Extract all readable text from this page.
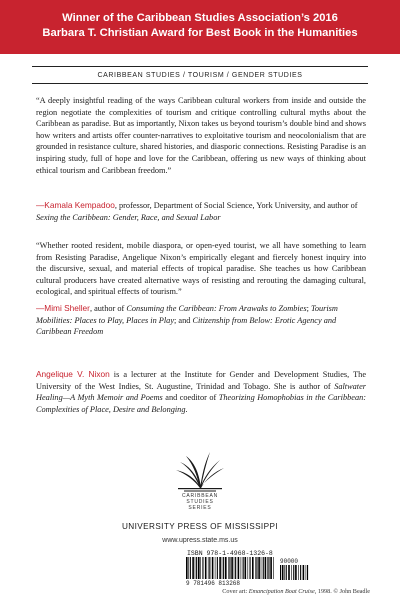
Winner of the Caribbean Studies Association’s 2016
Barbara T. Christian Award for Best Book in the Humanities
CARIBBEAN STUDIES / TOURISM / GENDER STUDIES

“A deeply insightful reading of the ways Caribbean cultural workers from inside and outside the region negotiate the complexities of tourism and critique controlling cultural myths about the Caribbean as paradise. But as importantly, Nixon takes us beyond tourism’s double bind and shows how writers and artists offer counter-narratives to exploitative tourism and neocolonialism that are grounded in resistance culture, shared histories, and diasporic connections. Resisting Paradise is an inspiring study, full of hope and love for the Caribbean, offering us new ways of thinking about ethical tourism and Caribbean freedom.”

—Kamala Kempadoo, professor, Department of Social Science, York University, and author of Sexing the Caribbean: Gender, Race, and Sexual Labor

“Whether rooted resident, mobile diaspora, or open-eyed tourist, we all have something to learn from Resisting Paradise, Angelique Nixon’s empirically elegant and fiercely honest inquiry into the discursive, sexual, and material effects of tropical paradise. She teaches us how Caribbean cultural producers have created alternative ways of resisting and rerouting the damaging cultural, ecological, and spiritual effects of tourism.”

—Mimi Sheller, author of Consuming the Caribbean: From Arawaks to Zombies; Tourism Mobilities: Places to Play, Places in Play; and Citizenship from Below: Erotic Agency and Caribbean Freedom

Angelique V. Nixon is a lecturer at the Institute for Gender and Development Studies, The University of the West Indies, St. Augustine, Trinidad and Tobago. She is author of Saltwater Healing—A Myth Memoir and Poems and coeditor of Theorizing Homophobias in the Caribbean: Complexities of Place, Desire and Belonging.

CARIBBEAN
STUDIES
SERIES
UNIVERSITY PRESS OF MISSISSIPPI
www.upress.state.ms.us
ISBN 978-1-4968-1326-8
9 781496 813268
90000
Cover art: Emancipation Boat Cruise, 1998. © John Beadle
